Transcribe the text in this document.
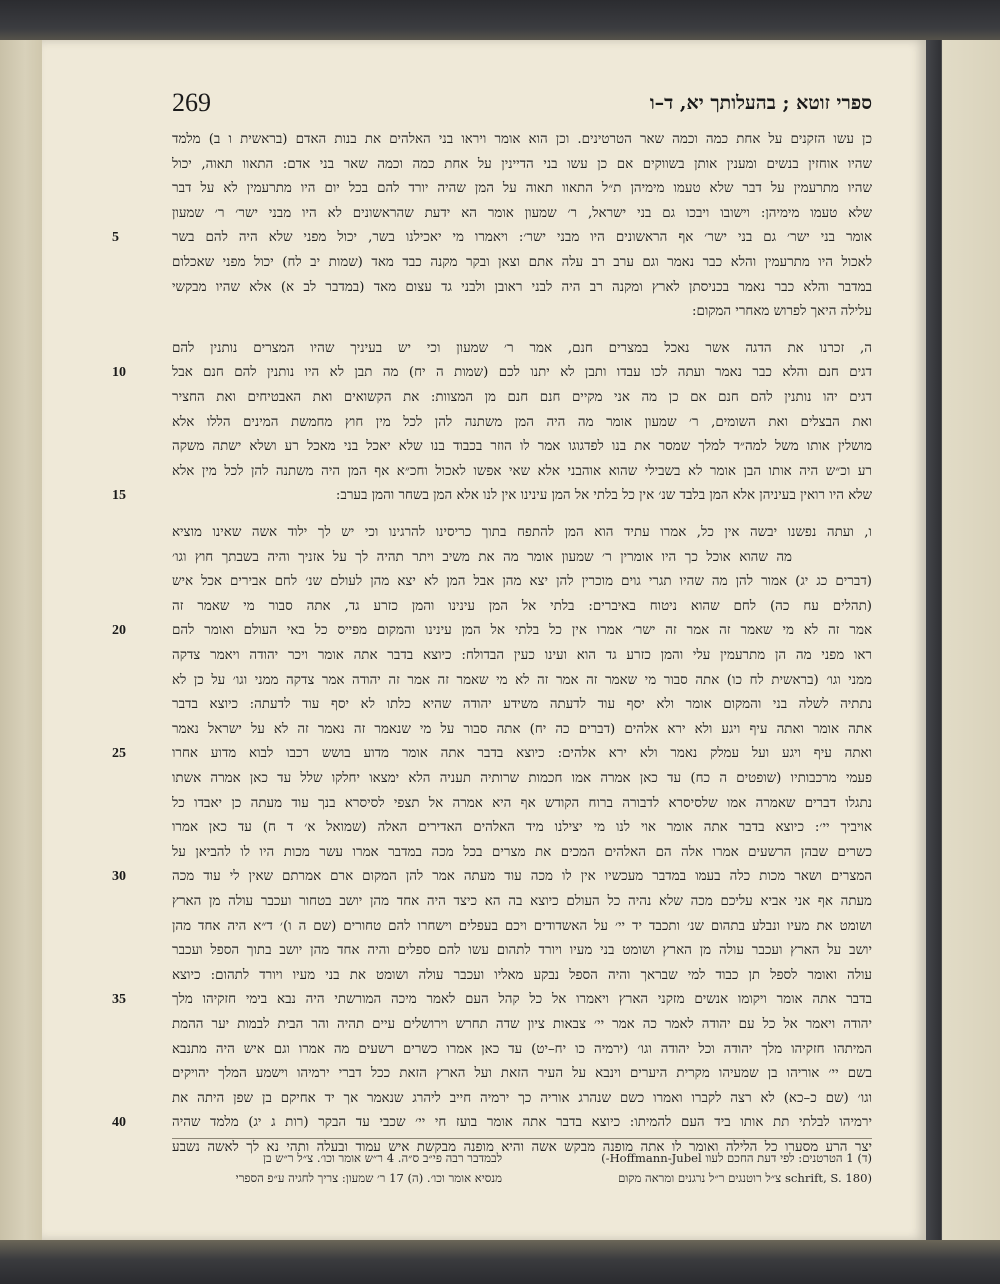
269	ספרי זוטא ; בהעלותך יא, ד–ו
כן עשו הזקנים על אחת כמה וכמה שאר הטרטינים. וכן הוא אומר ויראו בני האלהים את בנות האדם (בראשית ו ב) מלמד
שהיו אוחזין בנשים ומענין אותן בשווקים אם כן עשו בני הדיינין על אחת כמה וכמה שאר בני אדם: התאוו תאוה, יכול
שהיו מתרעמין על דבר שלא טעמו מימיהן ת״ל התאוו תאוה על המן שהיה יורד להם בכל יום היו מתרעמין לא על דבר
שלא טעמו מימיהן: וישובו ויבכו גם בני ישראל, ר׳ שמעון אומר הא ידעת שהראשונים לא היו מבני ישר׳ ר׳ שמעון
אומר בני ישר׳ גם בני ישר׳ אף הראשונים היו מבני ישר׳: ויאמרו מי יאכילנו בשר, יכול מפני שלא היה להם בשר
לאכול היו מתרעמין והלא כבר נאמר וגם ערב רב עלה אתם וצאן ובקר מקנה כבד מאד (שמות יב לח) יכול מפני שאכלום
במדבר והלא כבר נאמר בכניסתן לארץ ומקנה רב היה לבני ראובן ולבני גד עצום מאד (במדבר לב א) אלא שהיו מבקשי
עלילה היאך לפרוש מאחרי המקום:
ה, זכרנו את הדגה אשר נאכל במצרים חנם, אמר ר׳ שמעון וכי יש בעיניך שהיו המצרים נותנין להם
דגים חנם והלא כבר נאמר ועתה לכו עבדו ותבן לא יתנו לכם (שמות ה יח) מה תבן לא היו נותנין להם חנם אבל
דגים יהו נותנין להם חנם אם כן מה אני מקיים חנם חנם מן המצוות: את הקשואים ואת האבטיחים ואת החציר
ואת הבצלים ואת השומים, ר׳ שמעון אומר מה היה המן משתנה להן לכל מין חוץ מחמשת המינים הללו אלא
מושלין אותו משל למה״ד למלך שמסר את בנו לפדגוגו אמר לו הוזר בכבוד בנו שלא יאכל בני מאכל רע ושלא ישתה משקה
רע וכ״ש היה אותו הבן אומר לא בשבילי שהוא אוהבני אלא שאי אפשו לאכול וחכ״א אף המן היה משתנה להן לכל מין אלא
שלא היו רואין בעיניהן אלא המן בלבד שנ׳ אין כל בלתי אל המן עינינו אין לנו אלא המן בשחר והמן בערב:
ו, ועתה נפשנו יבשה אין כל, אמרו עתיד הוא המן להתפח בתוך כריסינו להרגינו וכי יש לך ילוד אשה שאינו מוציא
מה שהוא אוכל כך היו אומרין ר׳ שמעון אומר מה את משיב ויתר תהיה לך על אזניך והיה בשבתך חוץ וגו׳
(דברים כג יג) אמור להן מה שהיו תגרי גוים מוכרין להן יצא מהן אבל המן לא יצא מהן לעולם שנ׳ לחם אבירים אכל איש
(תהלים עח כה) לחם שהוא ניטוח באיברים: בלתי אל המן עינינו והמן כזרע גד, אתה סבור מי שאמר זה
אמר זה לא מי שאמר זה אמר זה ישר׳ אמרו אין כל בלתי אל המן עינינו והמקום מפייס כל באי העולם ואומר להם
ראו מפני מה הן מתרעמין עלי והמן כזרע גד הוא ועינו כעין הבדולח: כיוצא בדבר אתה אומר ויכר יהודה ויאמר צדקה
ממני וגו׳ (בראשית לח כו) אתה סבור מי שאמר זה אמר זה לא מי שאמר זה אמר זה יהודה אמר צדקה ממני וגו׳ על כן לא
נתתיה לשלה בני והמקום אומר ולא יסף עוד לדעתה משידע יהודה שהיא כלתו לא יסף עוד לדעתה: כיוצא בדבר
אתה אומר ואתה עיף ויגע ולא ירא אלהים (דברים כה יח) אתה סבור על מי שנאמר זה נאמר זה לא על ישראל נאמר
ואתה עיף ויגע ועל עמלק נאמר ולא ירא אלהים: כיוצא בדבר אתה אומר מדוע בושש רכבו לבוא מדוע אחרו
פעמי מרכבותיו (שופטים ה כח) עד כאן אמרה אמו חכמות שרותיה תעניה הלא ימצאו יחלקו שלל עד כאן אמרה אשתו
נתגלו דברים שאמרה אמו שלסיסרא לדבורה ברוח הקודש אף היא אמרה אל תצפי לסיסרא בנך עוד מעתה כן יאבדו כל
אויביך יי׳: כיוצא בדבר אתה אומר אוי לנו מי יצילנו מיד האלהים האדירים האלה (שמואל א׳ ד ח) עד כאן אמרו
כשרים שבהן הרשעים אמרו אלה הם האלהים המכים את מצרים בכל מכה במדבר אמרו עשר מכות היו לו להביאן על
המצרים ושאר מכות כלה בעמו במדבר מעכשיו אין לו מכה עוד מעתה אמר להן המקום ארם אמרתם שאין לי עוד מכה
מעתה אף אני אביא עליכם מכה שלא נהיה כל העולם כיוצא בה הא כיצד היה אחד מהן יושב בטחור ועכבר עולה מן הארץ
ושומט את מעיו ונבלע בתהום שנ׳ ותכבד יד יי׳ על האשדודים ויכם בעפלים וישחרו להם טחורים (שם ה ו)׳ ד״א היה אחד מהן
יושב על הארץ ועכבר עולה מן הארץ ושומט בני מעיו ויורד לתהום עשו להם ספלים והיה אחד מהן יושב בתוך הספל ועכבר
עולה ואומר לספל תן כבוד למי שבראך והיה הספל נבקע מאליו ועכבר עולה ושומט את בני מעיו ויורד לתהום: כיוצא
בדבר אתה אומר ויקומו אנשים מזקני הארץ ויאמרו אל כל קהל העם לאמר מיכה המורשתי היה נבא בימי חזקיהו מלך
יהודה ויאמר אל כל עם יהודה לאמר כה אמר יי׳ צבאות ציון שדה תחרש וירושלים עיים תהיה והר הבית לבמות יער ההמת
המיתהו חזקיהו מלך יהודה וכל יהודה וגו׳ (ירמיה כו יח–יט) עד כאן אמרו כשרים רשעים מה אמרו וגם איש היה מתנבא
בשם יי׳ אוריהו בן שמעיהו מקרית היערים וינבא על העיר הזאת ועל הארץ הזאת ככל דברי ירמיהו וישמע המלך יהויקים
וגו׳ (שם כ–כא) לא רצה לקברו ואמרו כשם שנהרג אוריה כך ירמיה חייב ליהרג שנאמר אך יד אחיקם בן שפן היתה את
ירמיהו לבלתי תת אותו ביד העם להמיתו: כיוצא בדבר אתה אומר בועז חי יי׳ שכבי עד הבקר (רות ג יג) מלמד שהיה
יצר הרע מסערו כל הלילה ואומר לו אתה מופנה מבקש אשה והיא מופנה מבקשת איש עמוד ובעלה ותהי נא לך לאשה נשבע
5
10
15
20
25
30
35
40
(ד) 1 הטרטנים: לפי דעת החכם לעוו Hoffmann-Jubel-)
(schrift, S. 180 צ״ל רוטנגים ר״ל נרגנים ומראה מקום
לבמדבר רבה פי״ב ס״ה. 4 ר״ש אומר וכו׳. צ״ל ר״ש בן
מנסיא אומר וכו׳. (ה) 17 ר׳ שמעון: צריך לחגיה ע״פ הספרי
